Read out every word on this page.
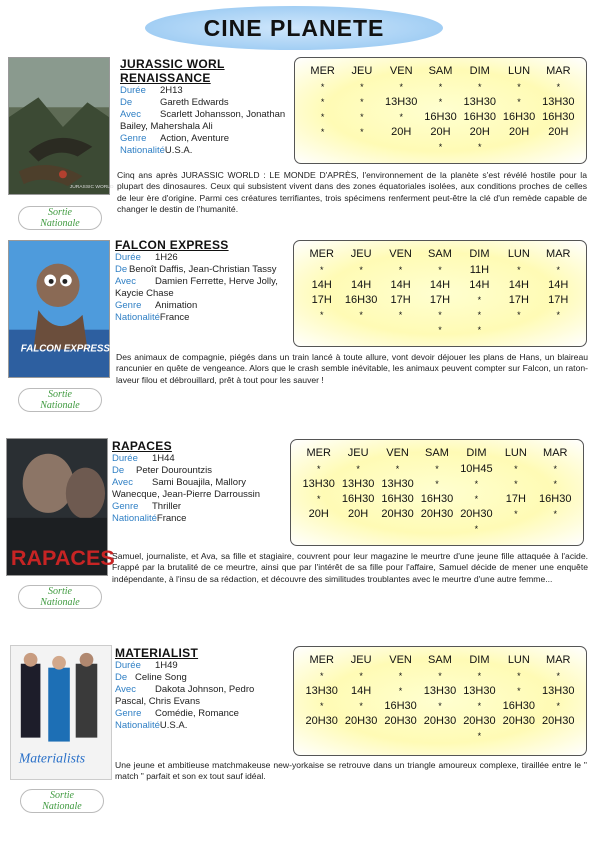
CINE PLANETE
JURASSIC WORLD
Sortie
Nationale
JURASSIC WORL
RENAISSANCE
Durée 2H13
De	Gareth Edwards
Avec Scarlett Johansson, Jonathan Bailey, Mahershala Ali
Genre Action, Aventure
NationalitéU.S.A.
MER	JEU	VEN	SAM	DIM	LUN	MAR
*	*	*	*	*	*	*
*	*	13H30	*	13H30	*	13H30
*	*	*	16H30	16H30	16H30	16H30
*	*	20H	20H	20H	20H	20H
			*	*		
Cinq ans après JURASSIC WORLD : LE MONDE D'APRÈS, l'environnement de la planète s'est révélé hostile pour la plupart des dinosaures. Ceux qui subsistent vivent dans des zones équatoriales isolées, aux conditions proches de celles de leur ère d'origine. Parmi ces créatures terrifiantes, trois spécimens renferment peut-être la clé d'un remède capable de changer le destin de l'humanité.
FALCON EXPRESS
Sortie
Nationale
FALCON EXPRESS
Durée 1H26
De Benoît Daffis, Jean-Christian Tassy
Avec Damien Ferrette, Herve Jolly, Kaycie Chase
Genre Animation
NationalitéFrance
MER	JEU	VEN	SAM	DIM	LUN	MAR
*	*	*	*	11H	*	*
14H	14H	14H	14H	14H	14H	14H
17H	16H30	17H	17H	*	17H	17H
*	*	*	*	*	*	*
			*	*		
Des animaux de compagnie, piégés dans un train lancé à toute allure, vont devoir déjouer les plans de Hans, un blaireau rancunier en quête de vengeance. Alors que le crash semble inévitable, les animaux peuvent compter sur Falcon, un raton-laveur filou et débrouillard, prêt à tout pour les sauver !
RAPACES
Sortie
Nationale
RAPACES
Durée 1H44
De Peter Dourountzis
Avec Sami Bouajila, Mallory Wanecque, Jean-Pierre Darroussin
Genre Thriller
NationalitéFrance
MER	JEU	VEN	SAM	DIM	LUN	MAR
*	*	*	*	10H45	*	*
13H30	13H30	13H30	*	*	*	*
*	16H30	16H30	16H30	*	17H	16H30
20H	20H	20H30	20H30	20H30	*	*
				*		
Samuel, journaliste, et Ava, sa fille et stagiaire, couvrent pour leur magazine le meurtre d'une jeune fille attaquée à l'acide. Frappé par la brutalité de ce meurtre, ainsi que par l'intérêt de sa fille pour l'affaire, Samuel décide de mener une enquête indépendante, à l'insu de sa rédaction, et découvre des similitudes troublantes avec le meurtre d'une autre femme...
Materialists
Sortie
Nationale
MATERIALIST
Durée 1H49
De Celine Song
Avec Dakota Johnson, Pedro Pascal, Chris Evans
Genre Comédie, Romance
NationalitéU.S.A.
MER	JEU	VEN	SAM	DIM	LUN	MAR
*	*	*	*	*	*	*
13H30	14H	*	13H30	13H30	*	13H30
*	*	16H30	*	*	16H30	*
20H30	20H30	20H30	20H30	20H30	20H30	20H30
				*		
Une jeune et ambitieuse matchmakeuse new-yorkaise se retrouve dans un triangle amoureux complexe, tiraillée entre le " match " parfait et son ex tout sauf idéal.
